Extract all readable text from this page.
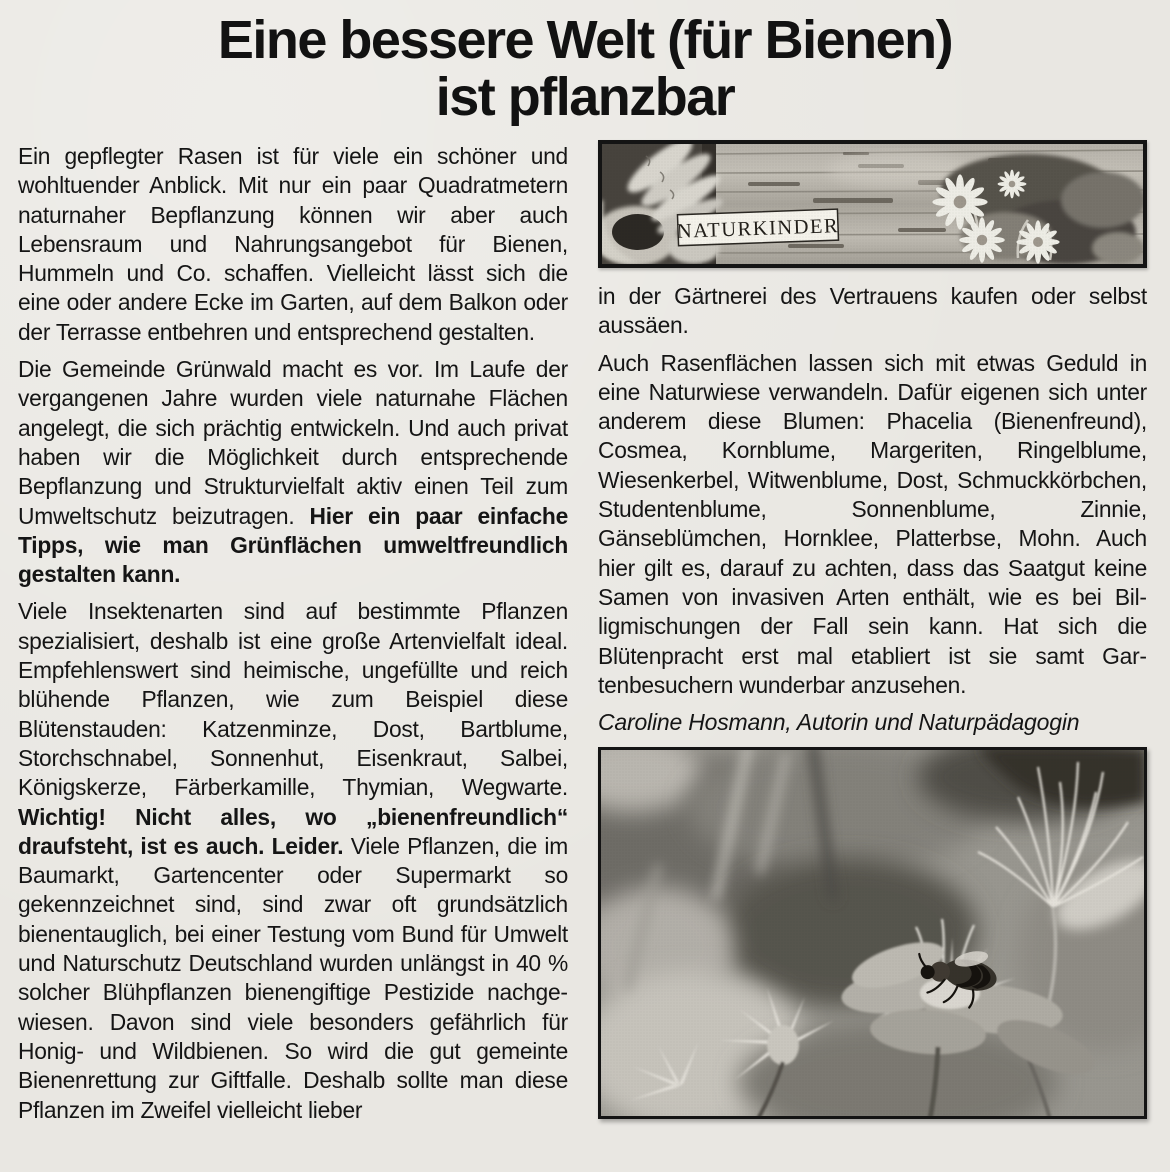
Eine bessere Welt (für Bienen)
ist pflanzbar

Ein gepflegter Rasen ist für viele ein schöner und wohltuender Anblick. Mit nur ein paar Quadratmetern naturnaher Bepflanzung können wir aber auch Lebensraum und Nahrungsangebot für Bienen, Hummeln und Co. schaffen. Vielleicht lässt sich die eine oder andere Ecke im Garten, auf dem Balkon oder der Terrasse entbehren und entsprechend gestalten.

Die Gemeinde Grünwald macht es vor. Im Laufe der vergangenen Jahre wurden viele naturnahe Flächen angelegt, die sich prächtig entwickeln. Und auch privat haben wir die Möglichkeit durch entsprechende Bepflanzung und Strukturvielfalt aktiv einen Teil zum Umweltschutz beizutragen. Hier ein paar einfache Tipps, wie man Grünflächen umweltfreundlich gestalten kann.

Viele Insektenarten sind auf bestimmte Pflanzen spezialisiert, deshalb ist eine große Artenvielfalt ideal. Empfehlenswert sind heimische, ungefüllte und reich blühende Pflanzen, wie zum Beispiel diese Blütenstauden: Katzenminze, Dost, Bartblume, Storchschnabel, Sonnenhut, Eisenkraut, Salbei, Königskerze, Färberkamille, Thymian, Wegwarte. Wichtig! Nicht alles, wo „bienenfreundlich“ draufsteht, ist es auch. Leider. Viele Pflanzen, die im Baumarkt, Gartencenter oder Supermarkt so gekennzeichnet sind, sind zwar oft grundsätzlich bienentauglich, bei einer Testung vom Bund für Umwelt und Naturschutz Deutschland wurden unlängst in 40 % solcher Blühpflanzen bienengiftige Pestizide nachgewiesen. Davon sind viele besonders gefährlich für Honig- und Wildbienen. So wird die gut gemeinte Bienenrettung zur Giftfalle. Deshalb sollte man diese Pflanzen im Zweifel vielleicht lieber

NATURKINDER

in der Gärtnerei des Vertrauens kaufen oder selbst aussäen.

Auch Rasenflächen lassen sich mit etwas Geduld in eine Naturwiese verwandeln. Dafür eigenen sich unter anderem diese Blumen: Phacelia (Bienenfreund), Cosmea, Kornblume, Margeriten, Ringelblume, Wiesenkerbel, Witwenblume, Dost, Schmuckkörbchen, Studentenblume, Sonnenblume, Zinnie, Gänseblümchen, Hornklee, Platterbse, Mohn. Auch hier gilt es, darauf zu achten, dass das Saatgut keine Samen von invasiven Arten enthält, wie es bei Billigmischungen der Fall sein kann. Hat sich die Blütenpracht erst mal etabliert ist sie samt Gartenbesuchern wunderbar anzusehen.

Caroline Hosmann, Autorin und Naturpädagogin
